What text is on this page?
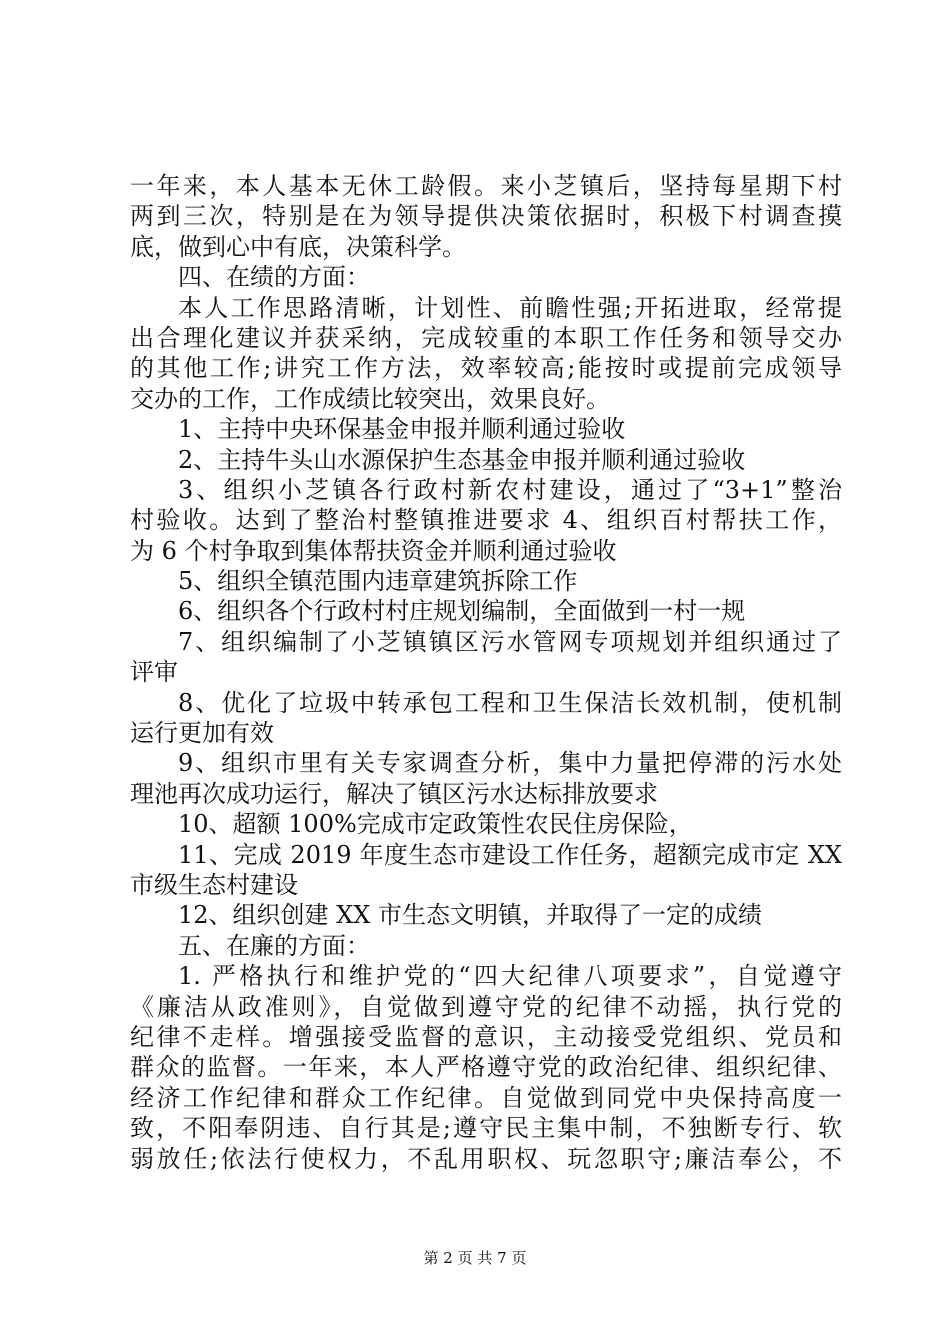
一年来，本人基本无休工龄假。来小芝镇后，坚持每星期下村
两到三次，特别是在为领导提供决策依据时，积极下村调查摸
底，做到心中有底，决策科学。
四、在绩的方面：
本人工作思路清晰，计划性、前瞻性强;开拓进取，经常提
出合理化建议并获采纳，完成较重的本职工作任务和领导交办
的其他工作;讲究工作方法，效率较高;能按时或提前完成领导
交办的工作，工作成绩比较突出，效果良好。
1、主持中央环保基金申报并顺利通过验收
2、主持牛头山水源保护生态基金申报并顺利通过验收
3、组织小芝镇各行政村新农村建设，通过了“3+1”整治
村验收。达到了整治村整镇推进要求 4、组织百村帮扶工作，
为 6 个村争取到集体帮扶资金并顺利通过验收
5、组织全镇范围内违章建筑拆除工作
6、组织各个行政村村庄规划编制，全面做到一村一规
7、组织编制了小芝镇镇区污水管网专项规划并组织通过了
评审
8、优化了垃圾中转承包工程和卫生保洁长效机制，使机制
运行更加有效
9、组织市里有关专家调查分析，集中力量把停滞的污水处
理池再次成功运行，解决了镇区污水达标排放要求
10、超额 100%完成市定政策性农民住房保险，
11、完成 2019 年度生态市建设工作任务，超额完成市定 XX
市级生态村建设
12、组织创建 XX 市生态文明镇，并取得了一定的成绩
五、在廉的方面：
1. 严格执行和维护党的“四大纪律八项要求”，自觉遵守
《廉洁从政准则》，自觉做到遵守党的纪律不动摇，执行党的
纪律不走样。增强接受监督的意识，主动接受党组织、党员和
群众的监督。一年来，本人严格遵守党的政治纪律、组织纪律、
经济工作纪律和群众工作纪律。自觉做到同党中央保持高度一
致，不阳奉阴违、自行其是;遵守民主集中制，不独断专行、软
弱放任;依法行使权力，不乱用职权、玩忽职守;廉洁奉公，不
第 2 页 共 7 页
